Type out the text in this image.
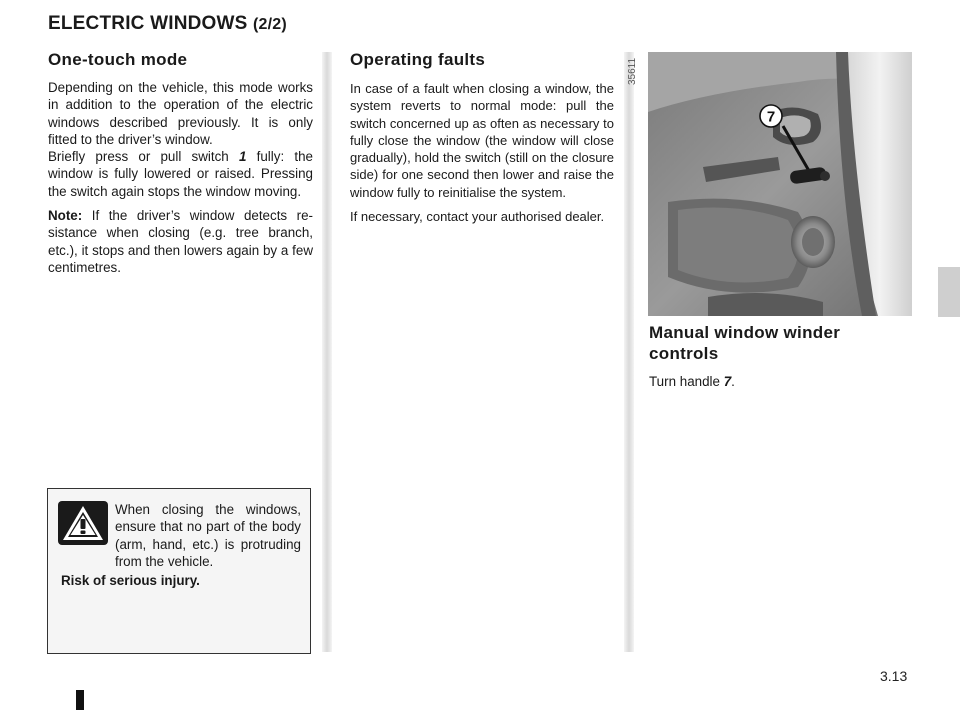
ELECTRIC WINDOWS (2/2)
One-touch mode

Depending on the vehicle, this mode works in addition to the operation of the electric windows described previously. It is only fitted to the driver’s window.

Briefly press or pull switch 1 fully: the window is fully lowered or raised. Pressing the switch again stops the window moving.

Note: If the driver’s window detects re-sistance when closing (e.g. tree branch, etc.), it stops and then lowers again by a few centimetres.

When closing the windows, ensure that no part of the body (arm, hand, etc.) is protruding from the vehicle.

Risk of serious injury.

Operating faults

In case of a fault when closing a window, the system reverts to normal mode: pull the switch concerned up as often as necessary to fully close the window (the window will close gradually), hold the switch (still on the closure side) for one second then lower and raise the window fully to reinitialise the system.

If necessary, contact your authorised dealer.

35611

7
Manual window winder controls

Turn handle 7.

3.13
